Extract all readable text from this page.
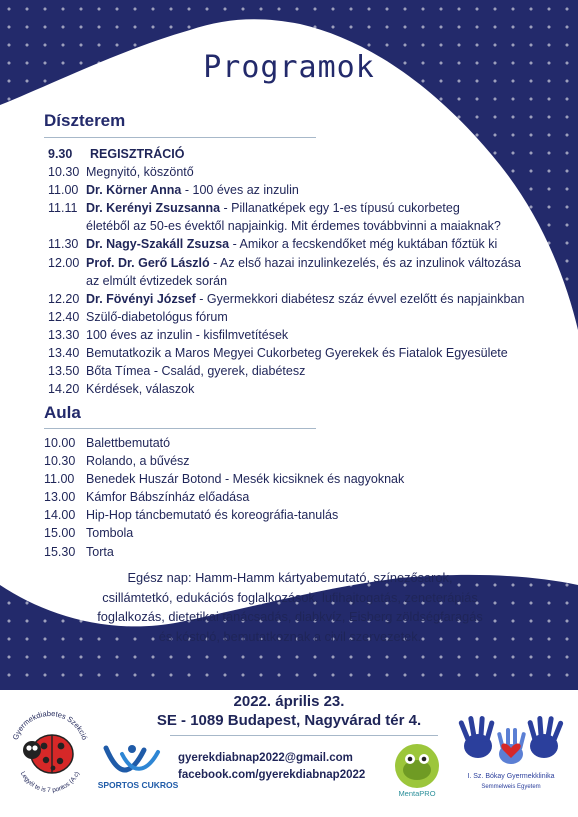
Programok
Díszterem
9.30 REGISZTRÁCIÓ
10.30 Megnyitó, köszöntő
11.00 Dr. Körner Anna - 100 éves az inzulin
11.11 Dr. Kerényi Zsuzsanna - Pillanatképek egy 1-es típusú cukorbeteg
életéből az 50-es évektől napjainkig. Mit érdemes továbbvinni a maiaknak?
11.30 Dr. Nagy-Szakáll Zsuzsa - Amikor a fecskendőket még kuktában főztük ki
12.00 Prof. Dr. Gerő László - Az első hazai inzulinkezelés, és az inzulinok változása
az elmúlt évtizedek során
12.20 Dr. Fövényi József - Gyermekkori diabétesz száz évvel ezelőtt és napjainkban
12.40 Szülő-diabetológus fórum
13.30 100 éves az inzulin - kisfilmvetítések
13.40 Bemutatkozik a Maros Megyei Cukorbeteg Gyerekek és Fiatalok Egyesülete
13.50 Bőta Tímea - Család, gyerek, diabétesz
14.20 Kérdések, válaszok
Aula
10.00 Balettbemutató
10.30 Rolando, a bűvész
11.00 Benedek Huszár Botond - Mesék kicsiknek és nagyoknak
13.00 Kámfor Bábszínház előadása
14.00 Hip-Hop táncbemutató és koreográfia-tanulás
15.00 Tombola
15.30 Torta
Egész nap: Hamm-Hamm kártyabemutató, színezősarok, csillámtetkó, edukációs foglalkozások, lufihajtogatás, zeneterápiás foglalkozás, dietetikai tanácsadás, diabkvíz, Eisberg zöldségfaragás és kóstoló, bemutatkoznak a civil szervezetek.
2022. április 23.
SE - 1089 Budapest, Nagyvárad tér 4.
gyerekdiabnap2022@gmail.com
facebook.com/gyerekdiabnap2022
Gyermekdiabetes Szekció
Legyél te is 7 pontos (A.c)
SPORTOS CUKROS
MentaPRO
I. Sz. Bókay Gyermekklinika
Semmelweis Egyetem
